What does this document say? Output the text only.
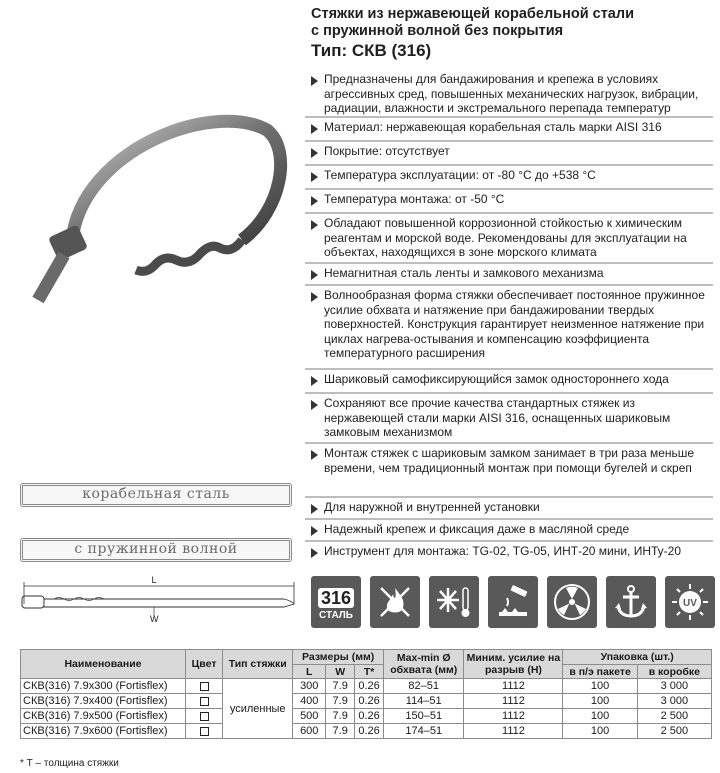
Стяжки из нержавеющей корабельной стали
с пружинной волной без покрытия
Тип: СКВ (316)
корабельная сталь
с пружинной волной
L
W
Предназначены для бандажирования и крепежа в условиях агрессивных сред, повышенных механических нагрузок, вибрации, радиации, влажности и экстремального перепада температур
Материал: нержавеющая корабельная сталь марки AISI 316
Покрытие: отсутствует
Температура эксплуатации: от -80 °С до +538 °С
Температура монтажа: от -50 °С
Обладают повышенной коррозионной стойкостью к химическим реагентам и морской воде. Рекомендованы для эксплуатации на объектах, находящихся в зоне морского климата
Немагнитная сталь ленты и замкового механизма
Волнообразная форма стяжки обеспечивает постоянное пружинное усилие обхвата и натяжение при бандажировании твердых поверхностей. Конструкция гарантирует неизменное натяжение при циклах нагрева-остывания и компенсацию коэффициента температурного расширения
Шариковый самофиксирующийся замок одностороннего хода
Сохраняют все прочие качества стандартных стяжек из нержавеющей стали марки AISI 316, оснащенных шариковым замковым механизмом
Монтаж стяжек с шариковым замком занимает в три раза меньше времени, чем традиционный монтаж при помощи бугелей и скреп
Для наружной и внутренней установки
Надежный крепеж и фиксация даже в масляной среде
Инструмент для монтажа: TG-02, TG-05, ИНТ-20 мини, ИНТу-20
316
СТАЛЬ
UV
Наименование	Цвет	Тип стяжки	Размеры (мм)			Max-min Ø обхвата (мм)	Миним. усилие на разрыв (Н)	Упаковка (шт.)	
			L	W	T*			в п/э пакете	в коробке
СКВ(316) 7.9х300 (Fortisflex)		усиленные	300	7.9	0.26	82–51	1112	100	3 000
СКВ(316) 7.9х400 (Fortisflex)			400	7.9	0.26	114–51	1112	100	3 000
СКВ(316) 7.9х500 (Fortisflex)			500	7.9	0.26	150–51	1112	100	2 500
СКВ(316) 7.9х600 (Fortisflex)			600	7.9	0.26	174–51	1112	100	2 500
* Т – толщина стяжки
